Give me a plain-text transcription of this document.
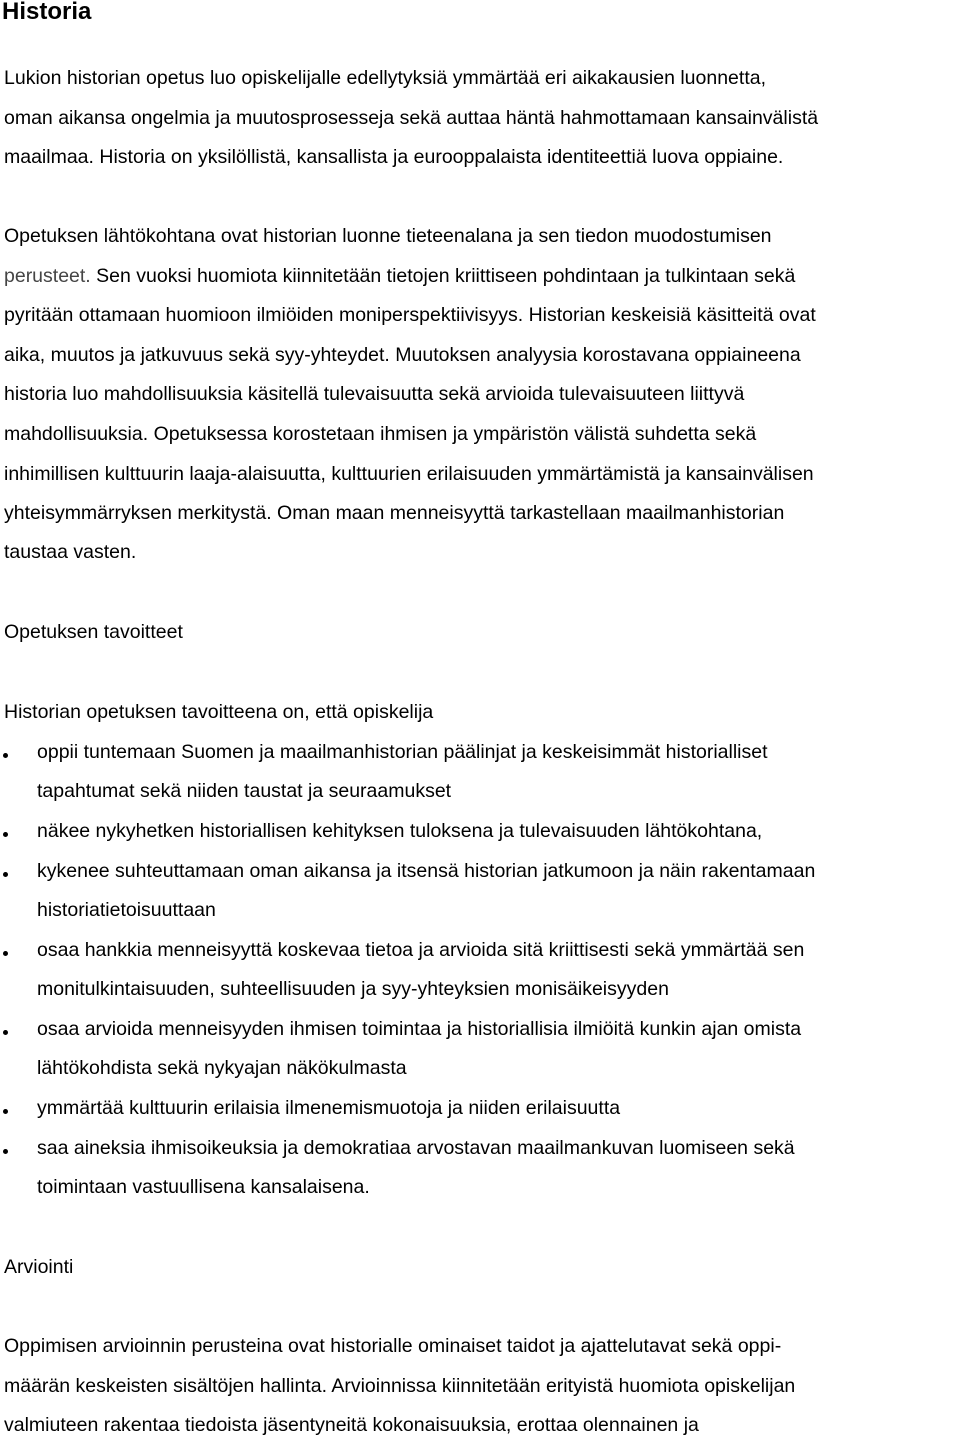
Historia
Lukion historian opetus luo opiskelijalle edellytyksiä ymmärtää eri aikakausien luonnetta,
oman aikansa ongelmia ja muutosprosesseja sekä auttaa häntä hahmottamaan kansainvälistä
maailmaa. Historia on yksilöllistä, kansallista ja eurooppalaista identiteettiä luova oppiaine.
Opetuksen lähtökohtana ovat historian luonne tieteenalana ja sen tiedon muodostumisen
perusteet. Sen vuoksi huomiota kiinnitetään tietojen kriittiseen pohdintaan ja tulkintaan sekä
pyritään ottamaan huomioon ilmiöiden moniperspektiivisyys. Historian keskeisiä käsitteitä ovat
aika, muutos ja jatkuvuus sekä syy-yhteydet. Muutoksen analyysia korostavana oppiaineena
historia luo mahdollisuuksia käsitellä tulevaisuutta sekä arvioida tulevaisuuteen liittyvä
mahdollisuuksia. Opetuksessa korostetaan ihmisen ja ympäristön välistä suhdetta sekä
inhimillisen kulttuurin laaja-alaisuutta, kulttuurien erilaisuuden ymmärtämistä ja kansainvälisen
yhteisymmärryksen merkitystä. Oman maan menneisyyttä tarkastellaan maailmanhistorian
taustaa vasten.
Opetuksen tavoitteet
Historian opetuksen tavoitteena on, että opiskelija
oppii tuntemaan Suomen ja maailmanhistorian päälinjat ja keskeisimmät historialliset
tapahtumat sekä niiden taustat ja seuraamukset
näkee nykyhetken historiallisen kehityksen tuloksena ja tulevaisuuden lähtökohtana,
kykenee suhteuttamaan oman aikansa ja itsensä historian jatkumoon ja näin rakentamaan
historiatietoisuuttaan
osaa hankkia menneisyyttä koskevaa tietoa ja arvioida sitä kriittisesti sekä ymmärtää sen
monitulkintaisuuden, suhteellisuuden ja syy-yhteyksien monisäikeisyyden
osaa arvioida menneisyyden ihmisen toimintaa ja historiallisia ilmiöitä kunkin ajan omista
lähtökohdista sekä nykyajan näkökulmasta
ymmärtää kulttuurin erilaisia ilmenemismuotoja ja niiden erilaisuutta
saa aineksia ihmisoikeuksia ja demokratiaa arvostavan maailmankuvan luomiseen sekä
toimintaan vastuullisena kansalaisena.
Arviointi
Oppimisen arvioinnin perusteina ovat historialle ominaiset taidot ja ajattelutavat sekä oppi-
määrän keskeisten sisältöjen hallinta. Arvioinnissa kiinnitetään erityistä huomiota opiskelijan
valmiuteen rakentaa tiedoista jäsentyneitä kokonaisuuksia, erottaa olennainen ja
